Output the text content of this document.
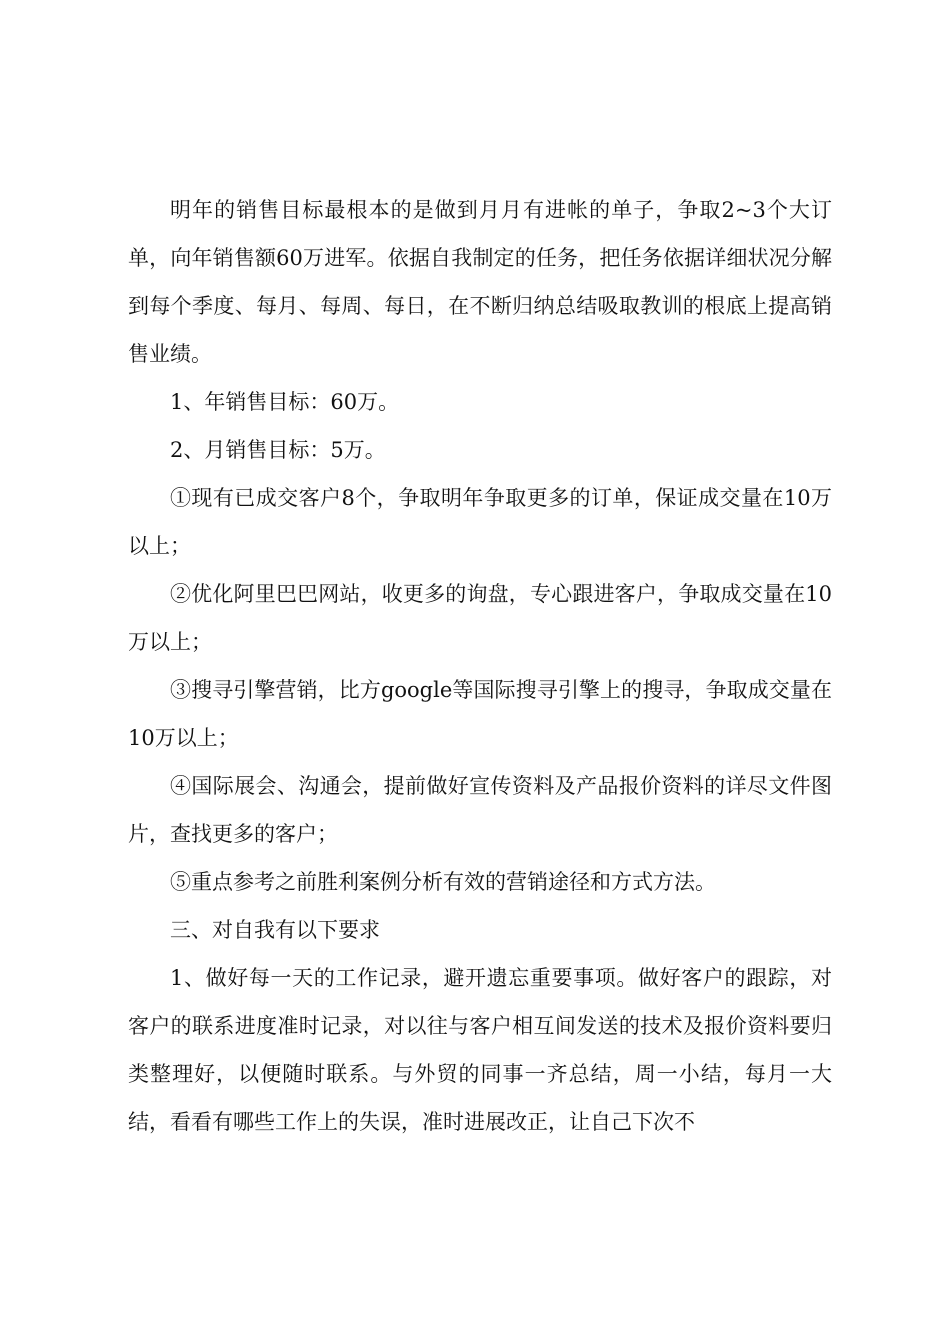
明年的销售目标最根本的是做到月月有进帐的单子，争取2~3个大订单，向年销售额60万进军。依据自我制定的任务，把任务依据详细状况分解到每个季度、每月、每周、每日，在不断归纳总结吸取教训的根底上提高销售业绩。

1、年销售目标：60万。

2、月销售目标：5万。

①现有已成交客户8个，争取明年争取更多的订单，保证成交量在10万以上；

②优化阿里巴巴网站，收更多的询盘，专心跟进客户，争取成交量在10万以上；

③搜寻引擎营销，比方google等国际搜寻引擎上的搜寻，争取成交量在10万以上；

④国际展会、沟通会，提前做好宣传资料及产品报价资料的详尽文件图片，查找更多的客户；

⑤重点参考之前胜利案例分析有效的营销途径和方式方法。

三、对自我有以下要求

1、做好每一天的工作记录，避开遗忘重要事项。做好客户的跟踪，对客户的联系进度准时记录，对以往与客户相互间发送的技术及报价资料要归类整理好，以便随时联系。与外贸的同事一齐总结，周一小结，每月一大结，看看有哪些工作上的失误，准时进展改正，让自己下次不
